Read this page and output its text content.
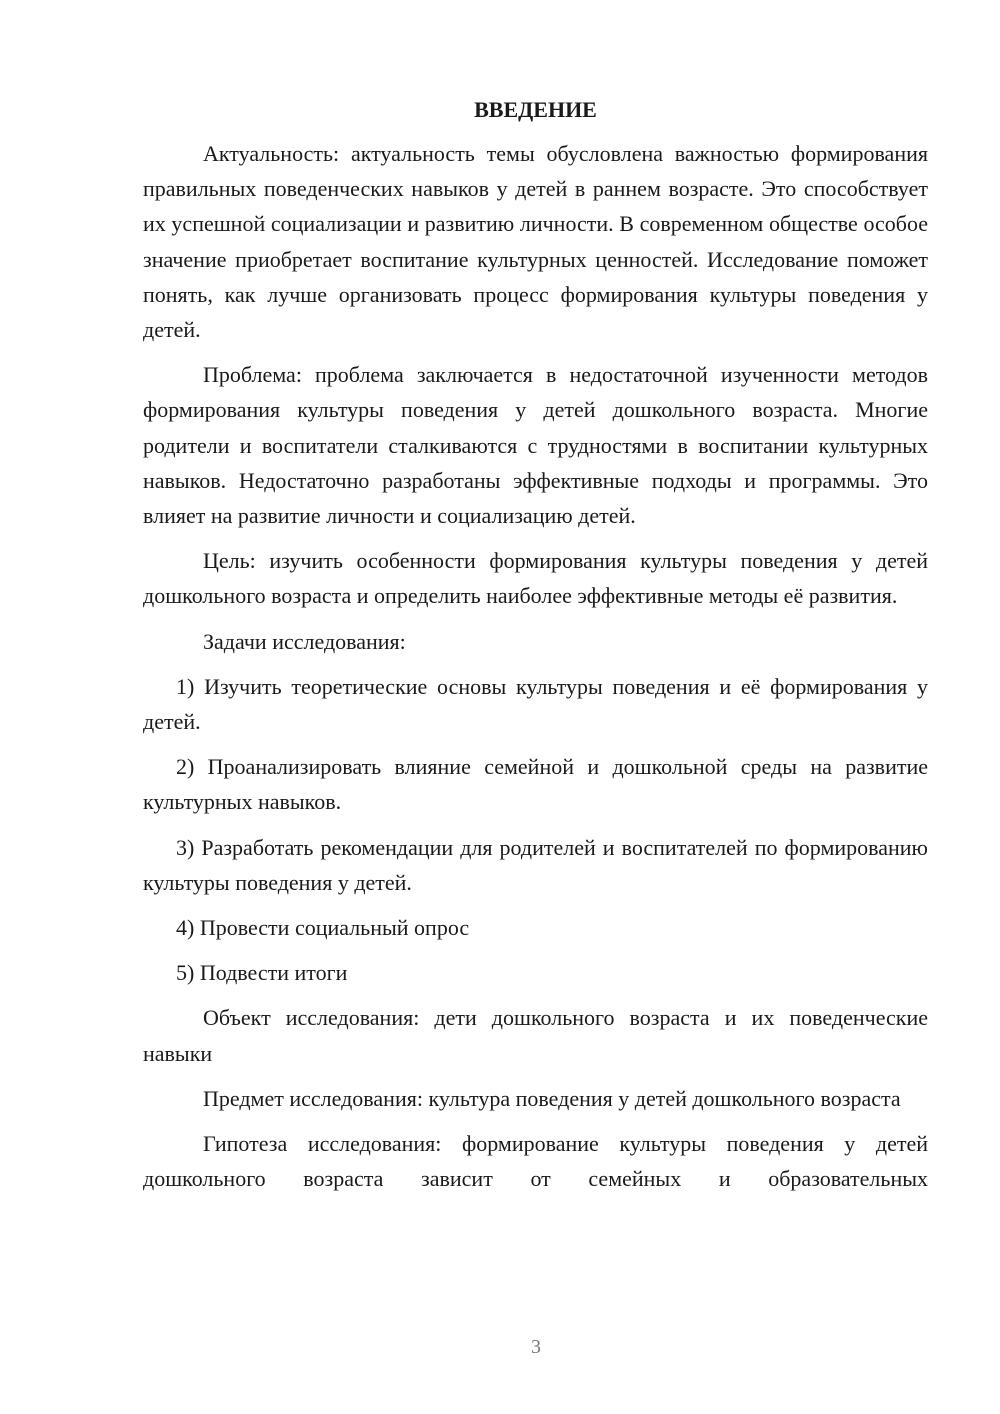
ВВЕДЕНИЕ

Актуальность: актуальность темы обусловлена важностью формирования правильных поведенческих навыков у детей в раннем возрасте. Это способствует их успешной социализации и развитию личности. В современном обществе особое значение приобретает воспитание культурных ценностей. Исследование поможет понять, как лучше организовать процесс формирования культуры поведения у детей.

Проблема: проблема заключается в недостаточной изученности методов формирования культуры поведения у детей дошкольного возраста. Многие родители и воспитатели сталкиваются с трудностями в воспитании культурных навыков. Недостаточно разработаны эффективные подходы и программы. Это влияет на развитие личности и социализацию детей.

Цель: изучить особенности формирования культуры поведения у детей дошкольного возраста и определить наиболее эффективные методы её развития.

Задачи исследования:

1) Изучить теоретические основы культуры поведения и её формирования у детей.

2) Проанализировать влияние семейной и дошкольной среды на развитие культурных навыков.

3) Разработать рекомендации для родителей и воспитателей по формированию культуры поведения у детей.

4) Провести социальный опрос

5) Подвести итоги

Объект исследования: дети дошкольного возраста и их поведенческие навыки

Предмет исследования: культура поведения у детей дошкольного возраста

Гипотеза исследования: формирование культуры поведения у детей дошкольного возраста зависит от семейных и образовательных

3
